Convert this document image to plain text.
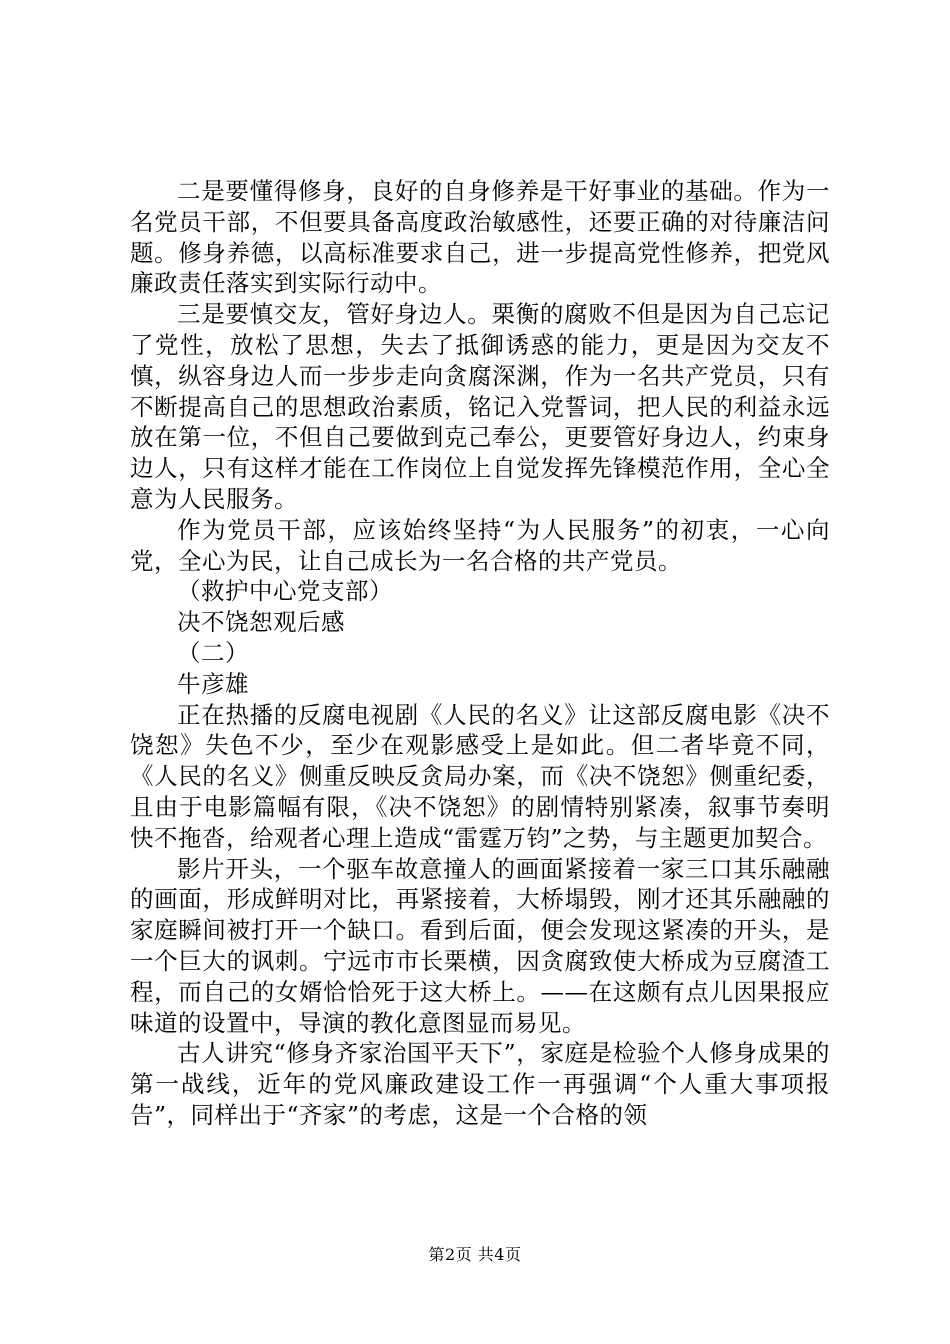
二是要懂得修身，良好的自身修养是干好事业的基础。作为一名党员干部，不但要具备高度政治敏感性，还要正确的对待廉洁问题。修身养德，以高标准要求自己，进一步提高党性修养，把党风廉政责任落实到实际行动中。

三是要慎交友，管好身边人。栗衡的腐败不但是因为自己忘记了党性，放松了思想，失去了抵御诱惑的能力，更是因为交友不慎，纵容身边人而一步步走向贪腐深渊，作为一名共产党员，只有不断提高自己的思想政治素质，铭记入党誓词，把人民的利益永远放在第一位，不但自己要做到克己奉公，更要管好身边人，约束身边人，只有这样才能在工作岗位上自觉发挥先锋模范作用，全心全意为人民服务。

作为党员干部，应该始终坚持“为人民服务”的初衷，一心向党，全心为民，让自己成长为一名合格的共产党员。

（救护中心党支部）

决不饶恕观后感

（二）

牛彦雄

正在热播的反腐电视剧《人民的名义》让这部反腐电影《决不饶恕》失色不少，至少在观影感受上是如此。但二者毕竟不同，《人民的名义》侧重反映反贪局办案，而《决不饶恕》侧重纪委，且由于电影篇幅有限，《决不饶恕》的剧情特别紧凑，叙事节奏明快不拖沓，给观者心理上造成“雷霆万钧”之势，与主题更加契合。

影片开头，一个驱车故意撞人的画面紧接着一家三口其乐融融的画面，形成鲜明对比，再紧接着，大桥塌毁，刚才还其乐融融的家庭瞬间被打开一个缺口。看到后面，便会发现这紧凑的开头，是一个巨大的讽刺。宁远市市长栗横，因贪腐致使大桥成为豆腐渣工程，而自己的女婿恰恰死于这大桥上。——在这颇有点儿因果报应味道的设置中，导演的教化意图显而易见。

古人讲究“修身齐家治国平天下”，家庭是检验个人修身成果的第一战线，近年的党风廉政建设工作一再强调“个人重大事项报告”，同样出于“齐家”的考虑，这是一个合格的领

第2页 共4页
